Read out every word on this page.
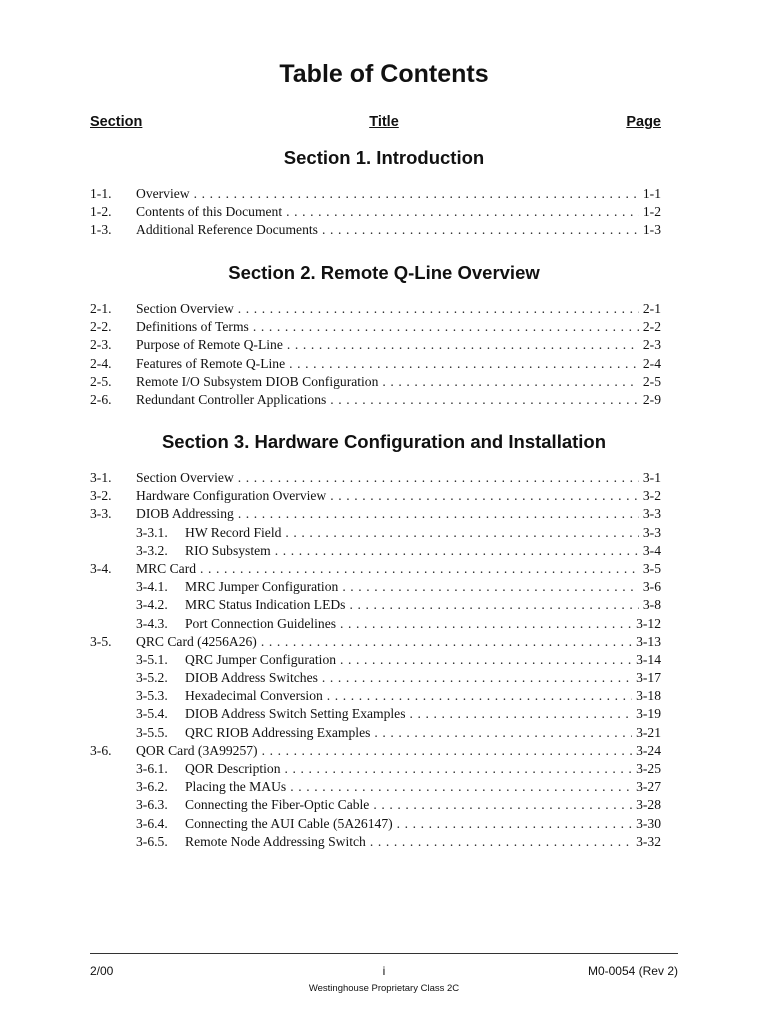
Table of Contents
Section	Title	Page
Section 1. Introduction
1-1. Overview . . .	1-1
1-2. Contents of this Document . . .	1-2
1-3. Additional Reference Documents . . .	1-3
Section 2. Remote Q-Line Overview
2-1. Section Overview . . .	2-1
2-2. Definitions of Terms . . .	2-2
2-3. Purpose of Remote Q-Line . . .	2-3
2-4. Features of Remote Q-Line . . .	2-4
2-5. Remote I/O Subsystem DIOB Configuration . . .	2-5
2-6. Redundant Controller Applications . . .	2-9
Section 3. Hardware Configuration and Installation
3-1. Section Overview . . .	3-1
3-2. Hardware Configuration Overview . . .	3-2
3-3. DIOB Addressing . . .	3-3
3-3.1.	HW Record Field . . .	3-3
3-3.2.	RIO Subsystem . . .	3-4
3-4. MRC Card . . .	3-5
3-4.1.	MRC Jumper Configuration . . .	3-6
3-4.2.	MRC Status Indication LEDs . . .	3-8
3-4.3.	Port Connection Guidelines . . .	3-12
3-5. QRC Card (4256A26) . . .	3-13
3-5.1.	QRC Jumper Configuration . . .	3-14
3-5.2.	DIOB Address Switches . . .	3-17
3-5.3.	Hexadecimal Conversion . . .	3-18
3-5.4.	DIOB Address Switch Setting Examples . . .	3-19
3-5.5.	QRC RIOB Addressing Examples . . .	3-21
3-6. QOR Card (3A99257) . . .	3-24
3-6.1.	QOR Description . . .	3-25
3-6.2.	Placing the MAUs . . .	3-27
3-6.3.	Connecting the Fiber-Optic Cable . . .	3-28
3-6.4.	Connecting the AUI Cable (5A26147) . . .	3-30
3-6.5.	Remote Node Addressing Switch . . .	3-32
2/00	i	M0-0054 (Rev 2)
Westinghouse Proprietary Class 2C
